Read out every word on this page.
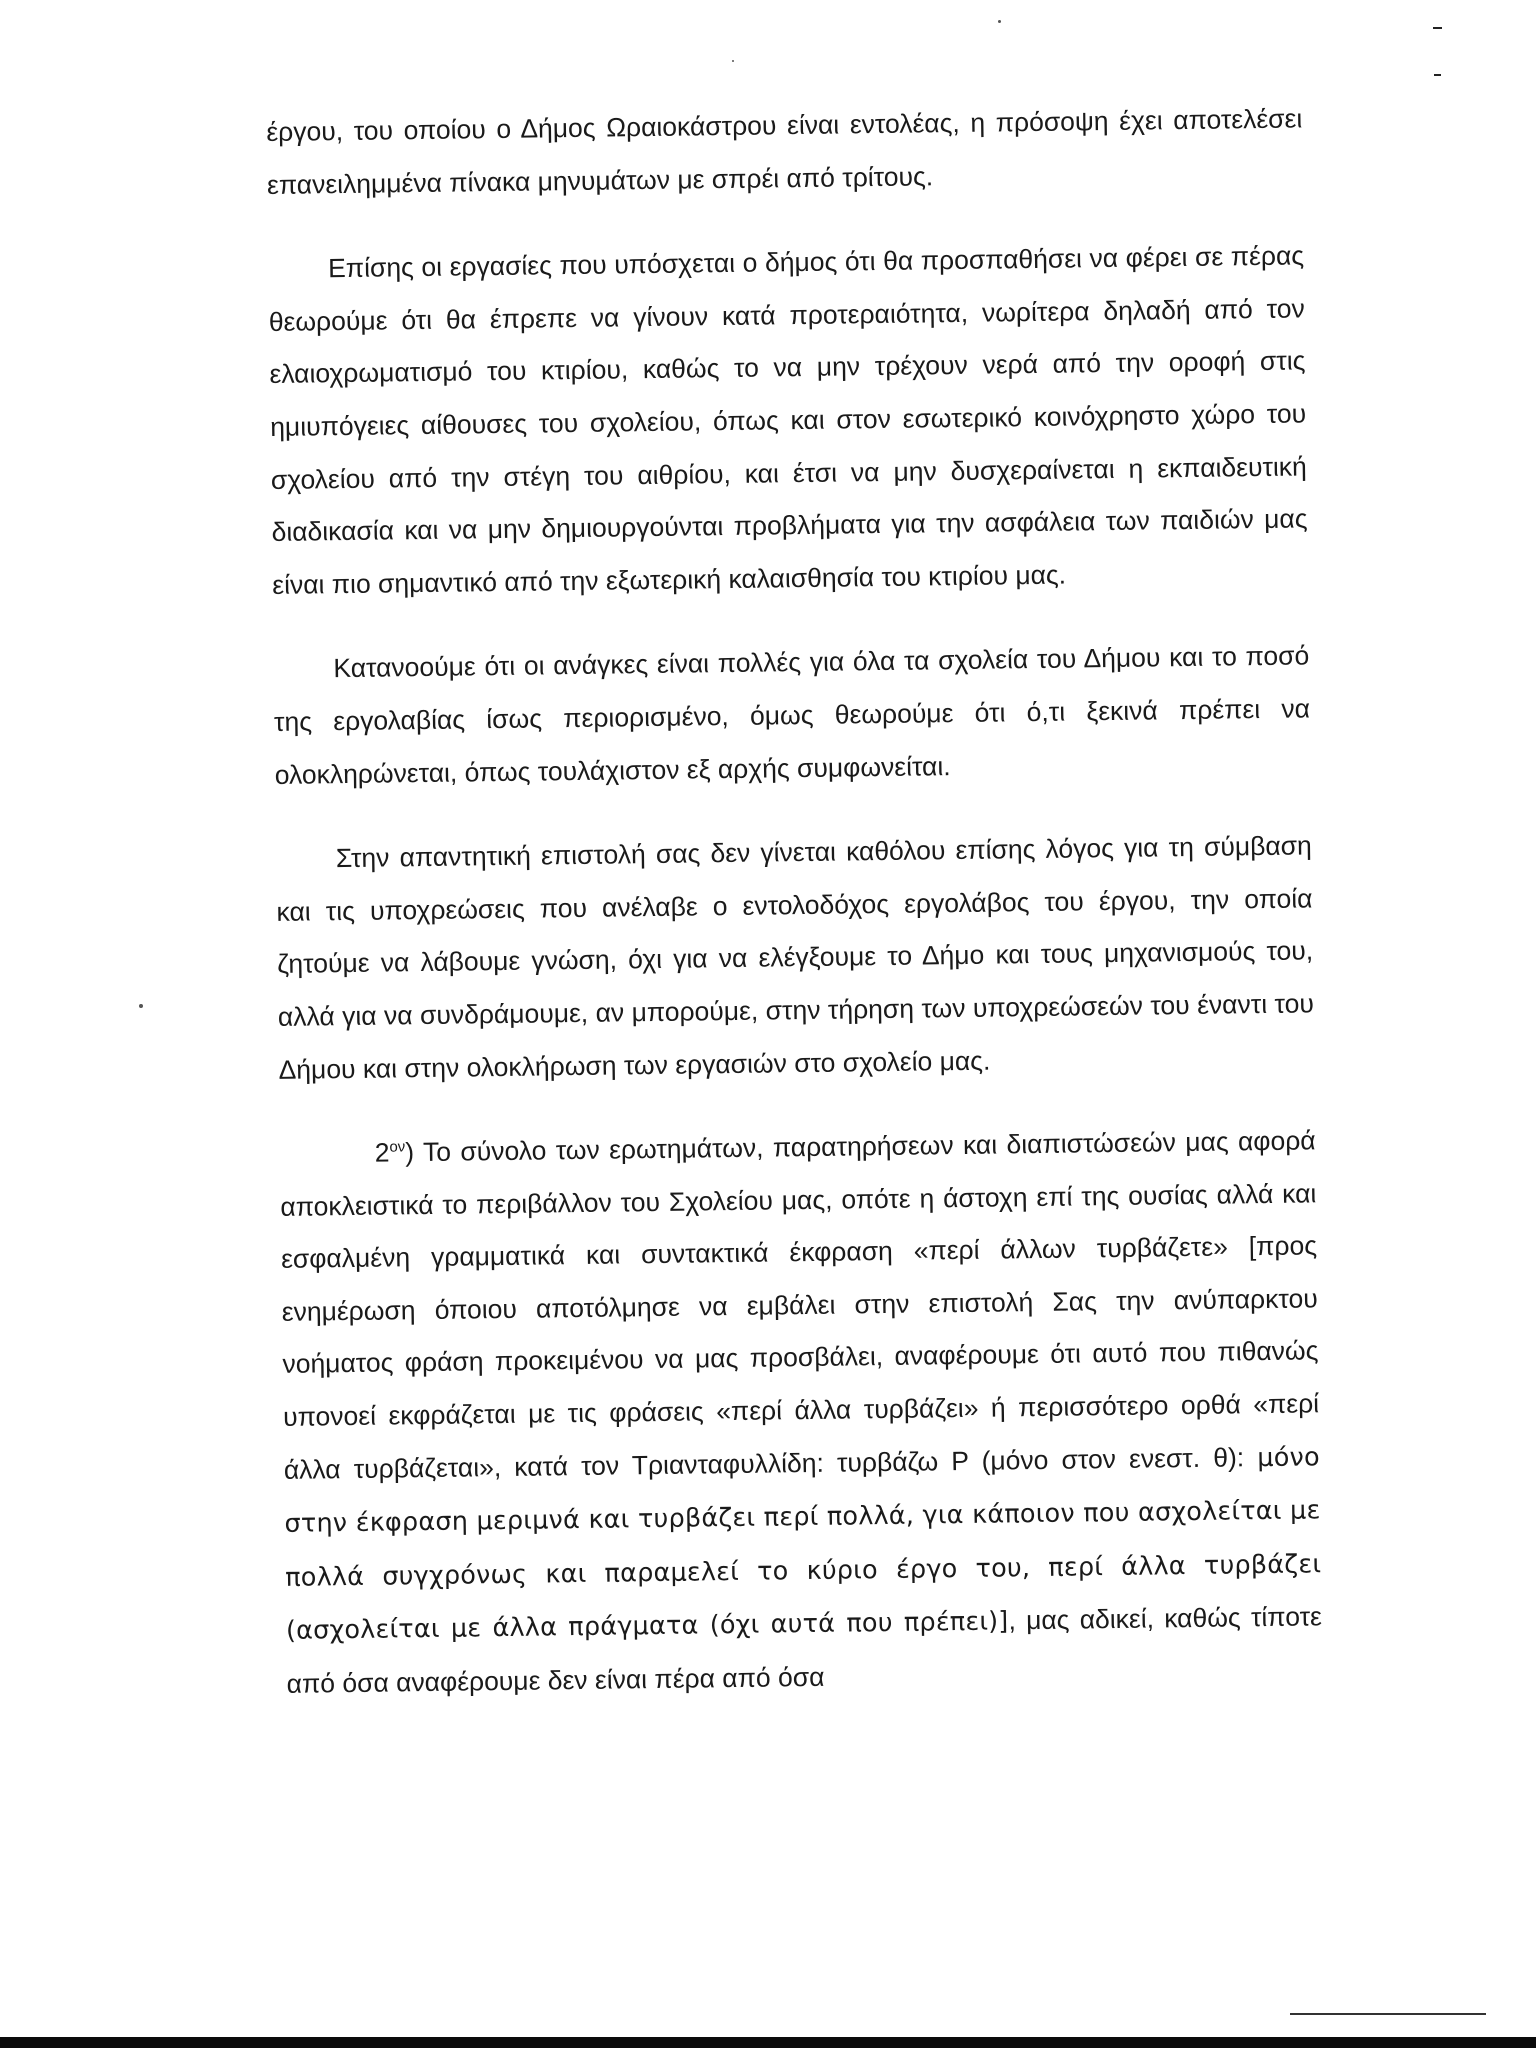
έργου, του οποίου ο Δήμος Ωραιοκάστρου είναι εντολέας, η πρόσοψη έχει αποτελέσει επανειλημμένα πίνακα μηνυμάτων με σπρέι από τρίτους.

Επίσης οι εργασίες που υπόσχεται ο δήμος ότι θα προσπαθήσει να φέρει σε πέρας θεωρούμε ότι θα έπρεπε να γίνουν κατά προτεραιότητα, νωρίτερα δηλαδή από τον ελαιοχρωματισμό του κτιρίου, καθώς το να μην τρέχουν νερά από την οροφή στις ημιυπόγειες αίθουσες του σχολείου, όπως και στον εσωτερικό κοινόχρηστο χώρο του σχολείου από την στέγη του αιθρίου, και έτσι να μην δυσχεραίνεται η εκπαιδευτική διαδικασία και να μην δημιουργούνται προβλήματα για την ασφάλεια των παιδιών μας είναι πιο σημαντικό από την εξωτερική καλαισθησία του κτιρίου μας.

Κατανοούμε ότι οι ανάγκες είναι πολλές για όλα τα σχολεία του Δήμου και το ποσό της εργολαβίας ίσως περιορισμένο, όμως θεωρούμε ότι ό,τι ξεκινά πρέπει να ολοκληρώνεται, όπως τουλάχιστον εξ αρχής συμφωνείται.

Στην απαντητική επιστολή σας δεν γίνεται καθόλου επίσης λόγος για τη σύμβαση και τις υποχρεώσεις που ανέλαβε ο εντολοδόχος εργολάβος του έργου, την οποία ζητούμε να λάβουμε γνώση, όχι για να ελέγξουμε το Δήμο και τους μηχανισμούς του, αλλά για να συνδράμουμε, αν μπορούμε, στην τήρηση των υποχρεώσεών του έναντι του Δήμου και στην ολοκλήρωση των εργασιών στο σχολείο μας.

$2^{o\nu}$) Το σύνολο των ερωτημάτων, παρατηρήσεων και διαπιστώσεών μας αφορά αποκλειστικά το περιβάλλον του Σχολείου μας, οπότε η άστοχη επί της ουσίας αλλά και εσφαλμένη γραμματικά και συντακτικά έκφραση «περί άλλων τυρβάζετε» [προς ενημέρωση όποιου αποτόλμησε να εμβάλει στην επιστολή Σας την ανύπαρκτου νοήματος φράση προκειμένου να μας προσβάλει, αναφέρουμε ότι αυτό που πιθανώς υπονοεί εκφράζεται με τις φράσεις «περί άλλα τυρβάζει» ή περισσότερο ορθά «περί άλλα τυρβάζεται», κατά τον Τριανταφυλλίδη: τυρβάζω Ρ (μόνο στον ενεστ. θ): μόνο στην έκφραση μεριμνά και τυρβάζει περί πολλά, για κάποιον που ασχολείται με πολλά συγχρόνως και παραμελεί το κύριο έργο του, περί άλλα τυρβάζει (ασχολείται με άλλα πράγματα (όχι αυτά που πρέπει)], μας αδικεί, καθώς τίποτε από όσα αναφέρουμε δεν είναι πέρα από όσα
